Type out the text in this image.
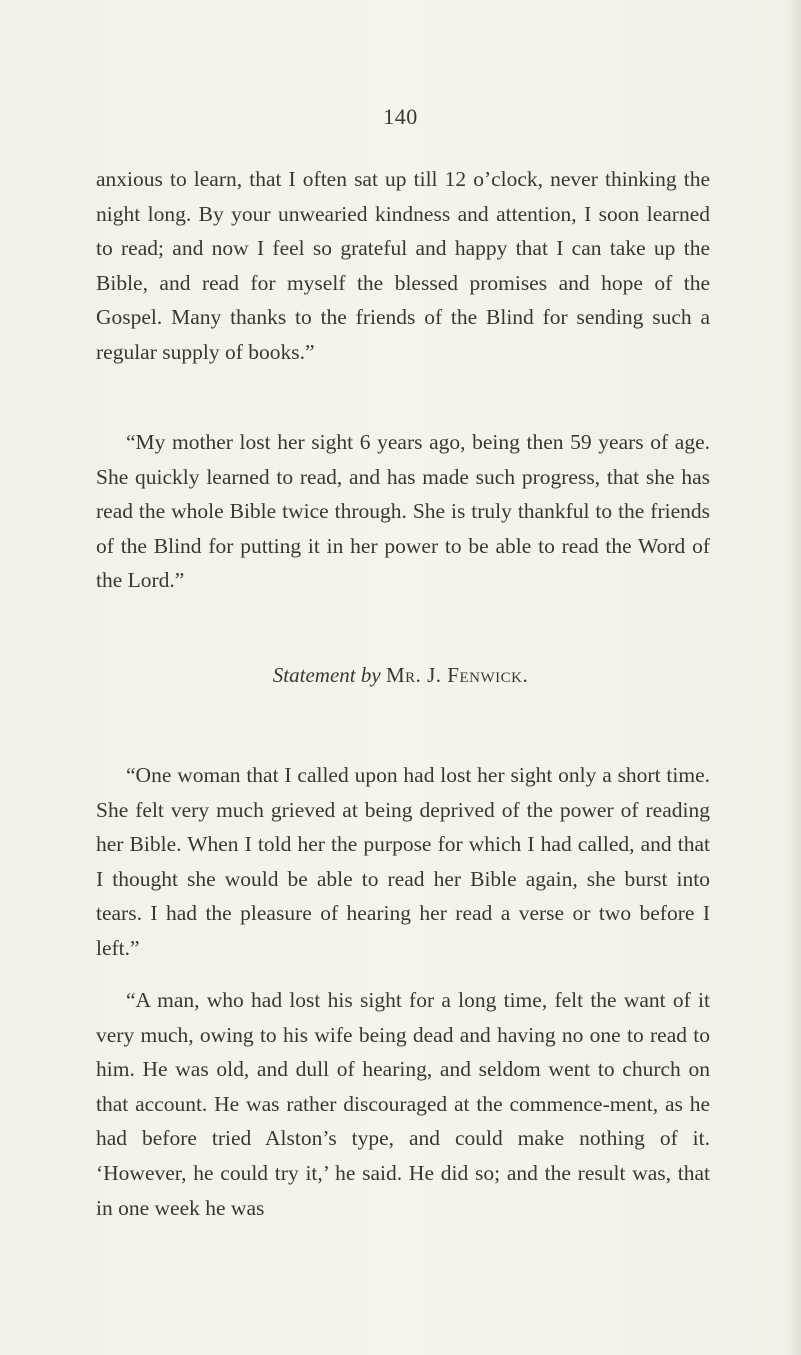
140

anxious to learn, that I often sat up till 12 o’clock, never thinking the night long. By your unwearied kindness and attention, I soon learned to read; and now I feel so grateful and happy that I can take up the Bible, and read for myself the blessed promises and hope of the Gospel. Many thanks to the friends of the Blind for sending such a regular supply of books.”

“My mother lost her sight 6 years ago, being then 59 years of age. She quickly learned to read, and has made such progress, that she has read the whole Bible twice through. She is truly thankful to the friends of the Blind for putting it in her power to be able to read the Word of the Lord.”

Statement by Mr. J. Fenwick.

“One woman that I called upon had lost her sight only a short time. She felt very much grieved at being deprived of the power of reading her Bible. When I told her the purpose for which I had called, and that I thought she would be able to read her Bible again, she burst into tears. I had the pleasure of hearing her read a verse or two before I left.”

“A man, who had lost his sight for a long time, felt the want of it very much, owing to his wife being dead and having no one to read to him. He was old, and dull of hearing, and seldom went to church on that account. He was rather discouraged at the commence-ment, as he had before tried Alston’s type, and could make nothing of it. ‘However, he could try it,’ he said. He did so; and the result was, that in one week he was
